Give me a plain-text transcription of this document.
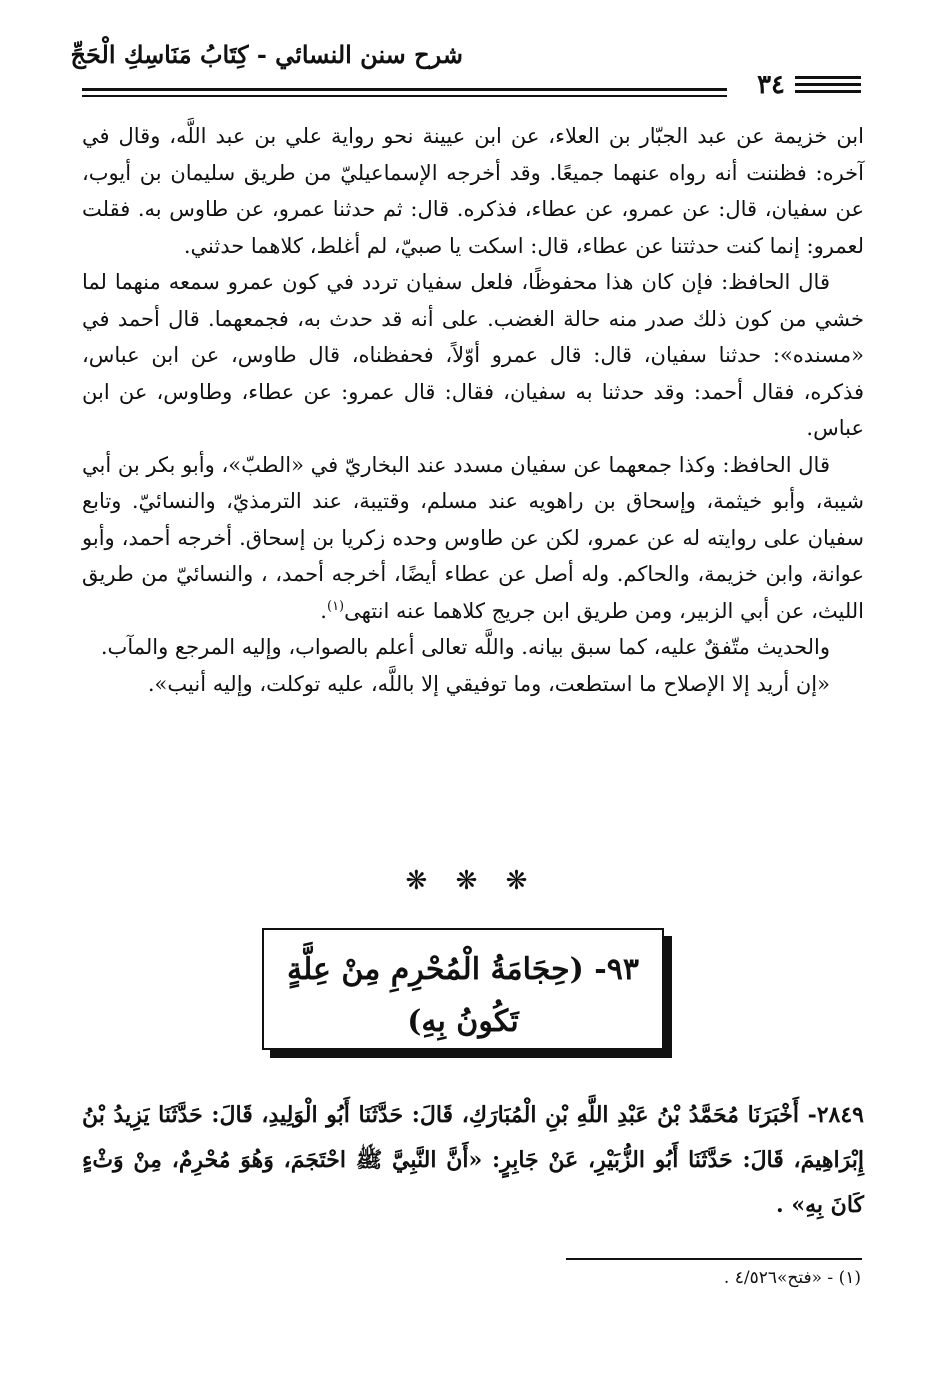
شرح سنن النسائي - كِتَابُ مَنَاسِكِ الْحَجِّ
٣٤

ابن خزيمة عن عبد الجبّار بن العلاء، عن ابن عيينة نحو رواية علي بن عبد اللَّه، وقال في آخره: فظننت أنه رواه عنهما جميعًا. وقد أخرجه الإسماعيليّ من طريق سليمان بن أيوب، عن سفيان، قال: عن عمرو، عن عطاء، فذكره. قال: ثم حدثنا عمرو، عن طاوس به. فقلت لعمرو: إنما كنت حدثتنا عن عطاء، قال: اسكت يا صبيّ، لم أغلط، كلاهما حدثني.

قال الحافظ: فإن كان هذا محفوظًا، فلعل سفيان تردد في كون عمرو سمعه منهما لما خشي من كون ذلك صدر منه حالة الغضب. على أنه قد حدث به، فجمعهما. قال أحمد في «مسنده»: حدثنا سفيان، قال: قال عمرو أوّلاً، فحفظناه، قال طاوس، عن ابن عباس، فذكره، فقال أحمد: وقد حدثنا به سفيان، فقال: قال عمرو: عن عطاء، وطاوس، عن ابن عباس.

قال الحافظ: وكذا جمعهما عن سفيان مسدد عند البخاريّ في «الطبّ»، وأبو بكر بن أبي شيبة، وأبو خيثمة، وإسحاق بن راهويه عند مسلم، وقتيبة، عند الترمذيّ، والنسائيّ. وتابع سفيان على روايته له عن عمرو، لكن عن طاوس وحده زكريا بن إسحاق. أخرجه أحمد، وأبو عوانة، وابن خزيمة، والحاكم. وله أصل عن عطاء أيضًا، أخرجه أحمد، ، والنسائيّ من طريق الليث، عن أبي الزبير، ومن طريق ابن جريج كلاهما عنه انتهى$^{(١)}$.

والحديث متّفقٌ عليه، كما سبق بيانه. واللَّه تعالى أعلم بالصواب، وإليه المرجع والمآب.

«إن أريد إلا الإصلاح ما استطعت، وما توفيقي إلا باللَّه، عليه توكلت، وإليه أنيب».

❋ ❋ ❋
٩٣- (حِجَامَةُ الْمُحْرِمِ مِنْ عِلَّةٍ تَكُونُ بِهِ)
٢٨٤٩- أَخْبَرَنَا مُحَمَّدُ بْنُ عَبْدِ اللَّهِ بْنِ الْمُبَارَكِ، قَالَ: حَدَّثَنَا أَبُو الْوَلِيدِ، قَالَ: حَدَّثَنَا يَزِيدُ بْنُ إِبْرَاهِيمَ، قَالَ: حَدَّثَنَا أَبُو الزُّبَيْرِ، عَنْ جَابِرٍ: «أَنَّ النَّبِيَّ ﷺ احْتَجَمَ، وَهُوَ مُحْرِمٌ، مِنْ وَثْءٍ كَانَ بِهِ» .
(١) - «فتح»٤/٥٢٦ .
